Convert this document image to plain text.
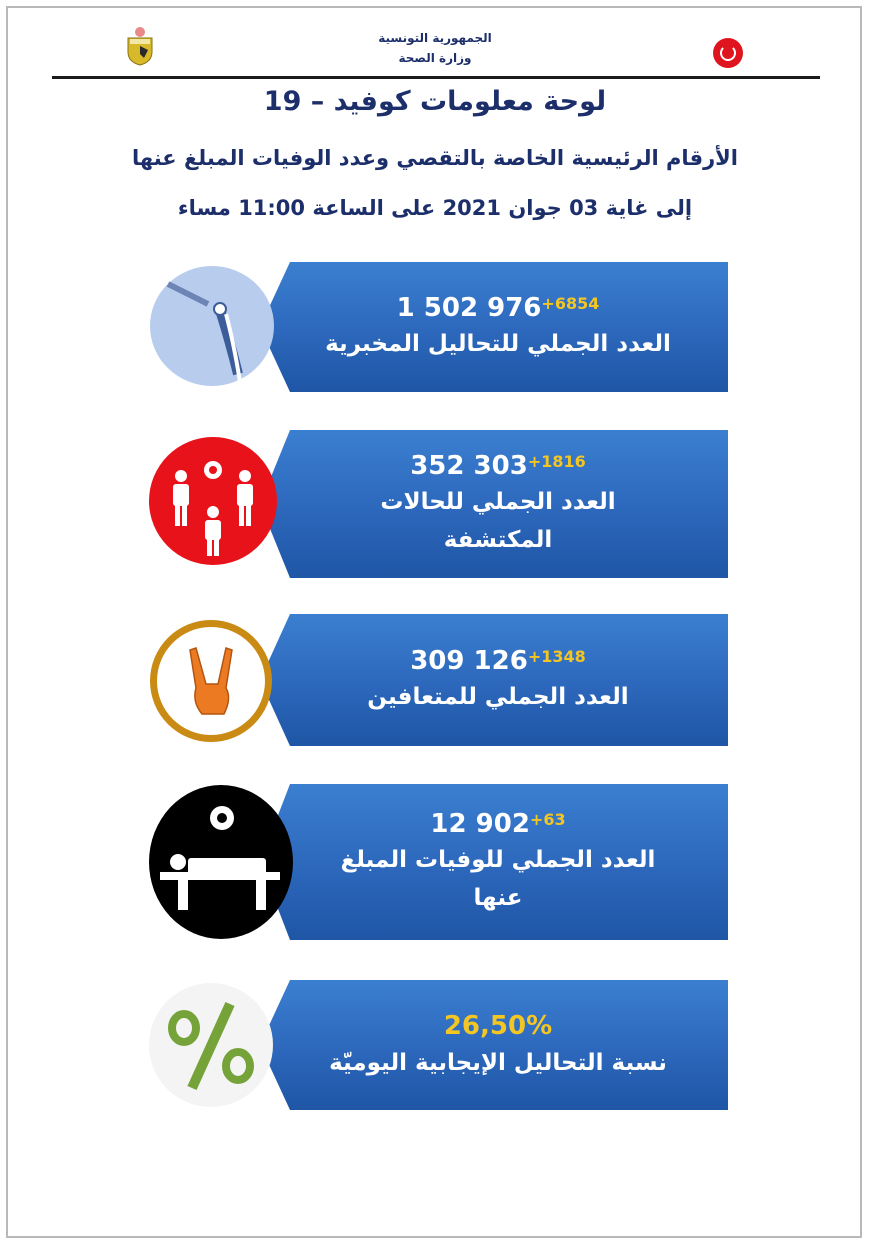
الجمهورية التونسية
وزارة الصحة
لوحة معلومات كوفيد – 19
الأرقام الرئيسية الخاصة بالتقصي وعدد الوفيات المبلغ عنها
إلى غاية 03 جوان 2021 على الساعة 11:00 مساء
1 502 $976^{+6854}$
العدد الجملي للتحاليل المخبرية
352 $303^{+1816}$
العدد الجملي للحالات المكتشفة
309 $126^{+1348}$
العدد الجملي للمتعافين
12 $902^{+63}$
العدد الجملي للوفيات المبلغ عنها
26,50%
نسبة التحاليل الإيجابية اليوميّة
